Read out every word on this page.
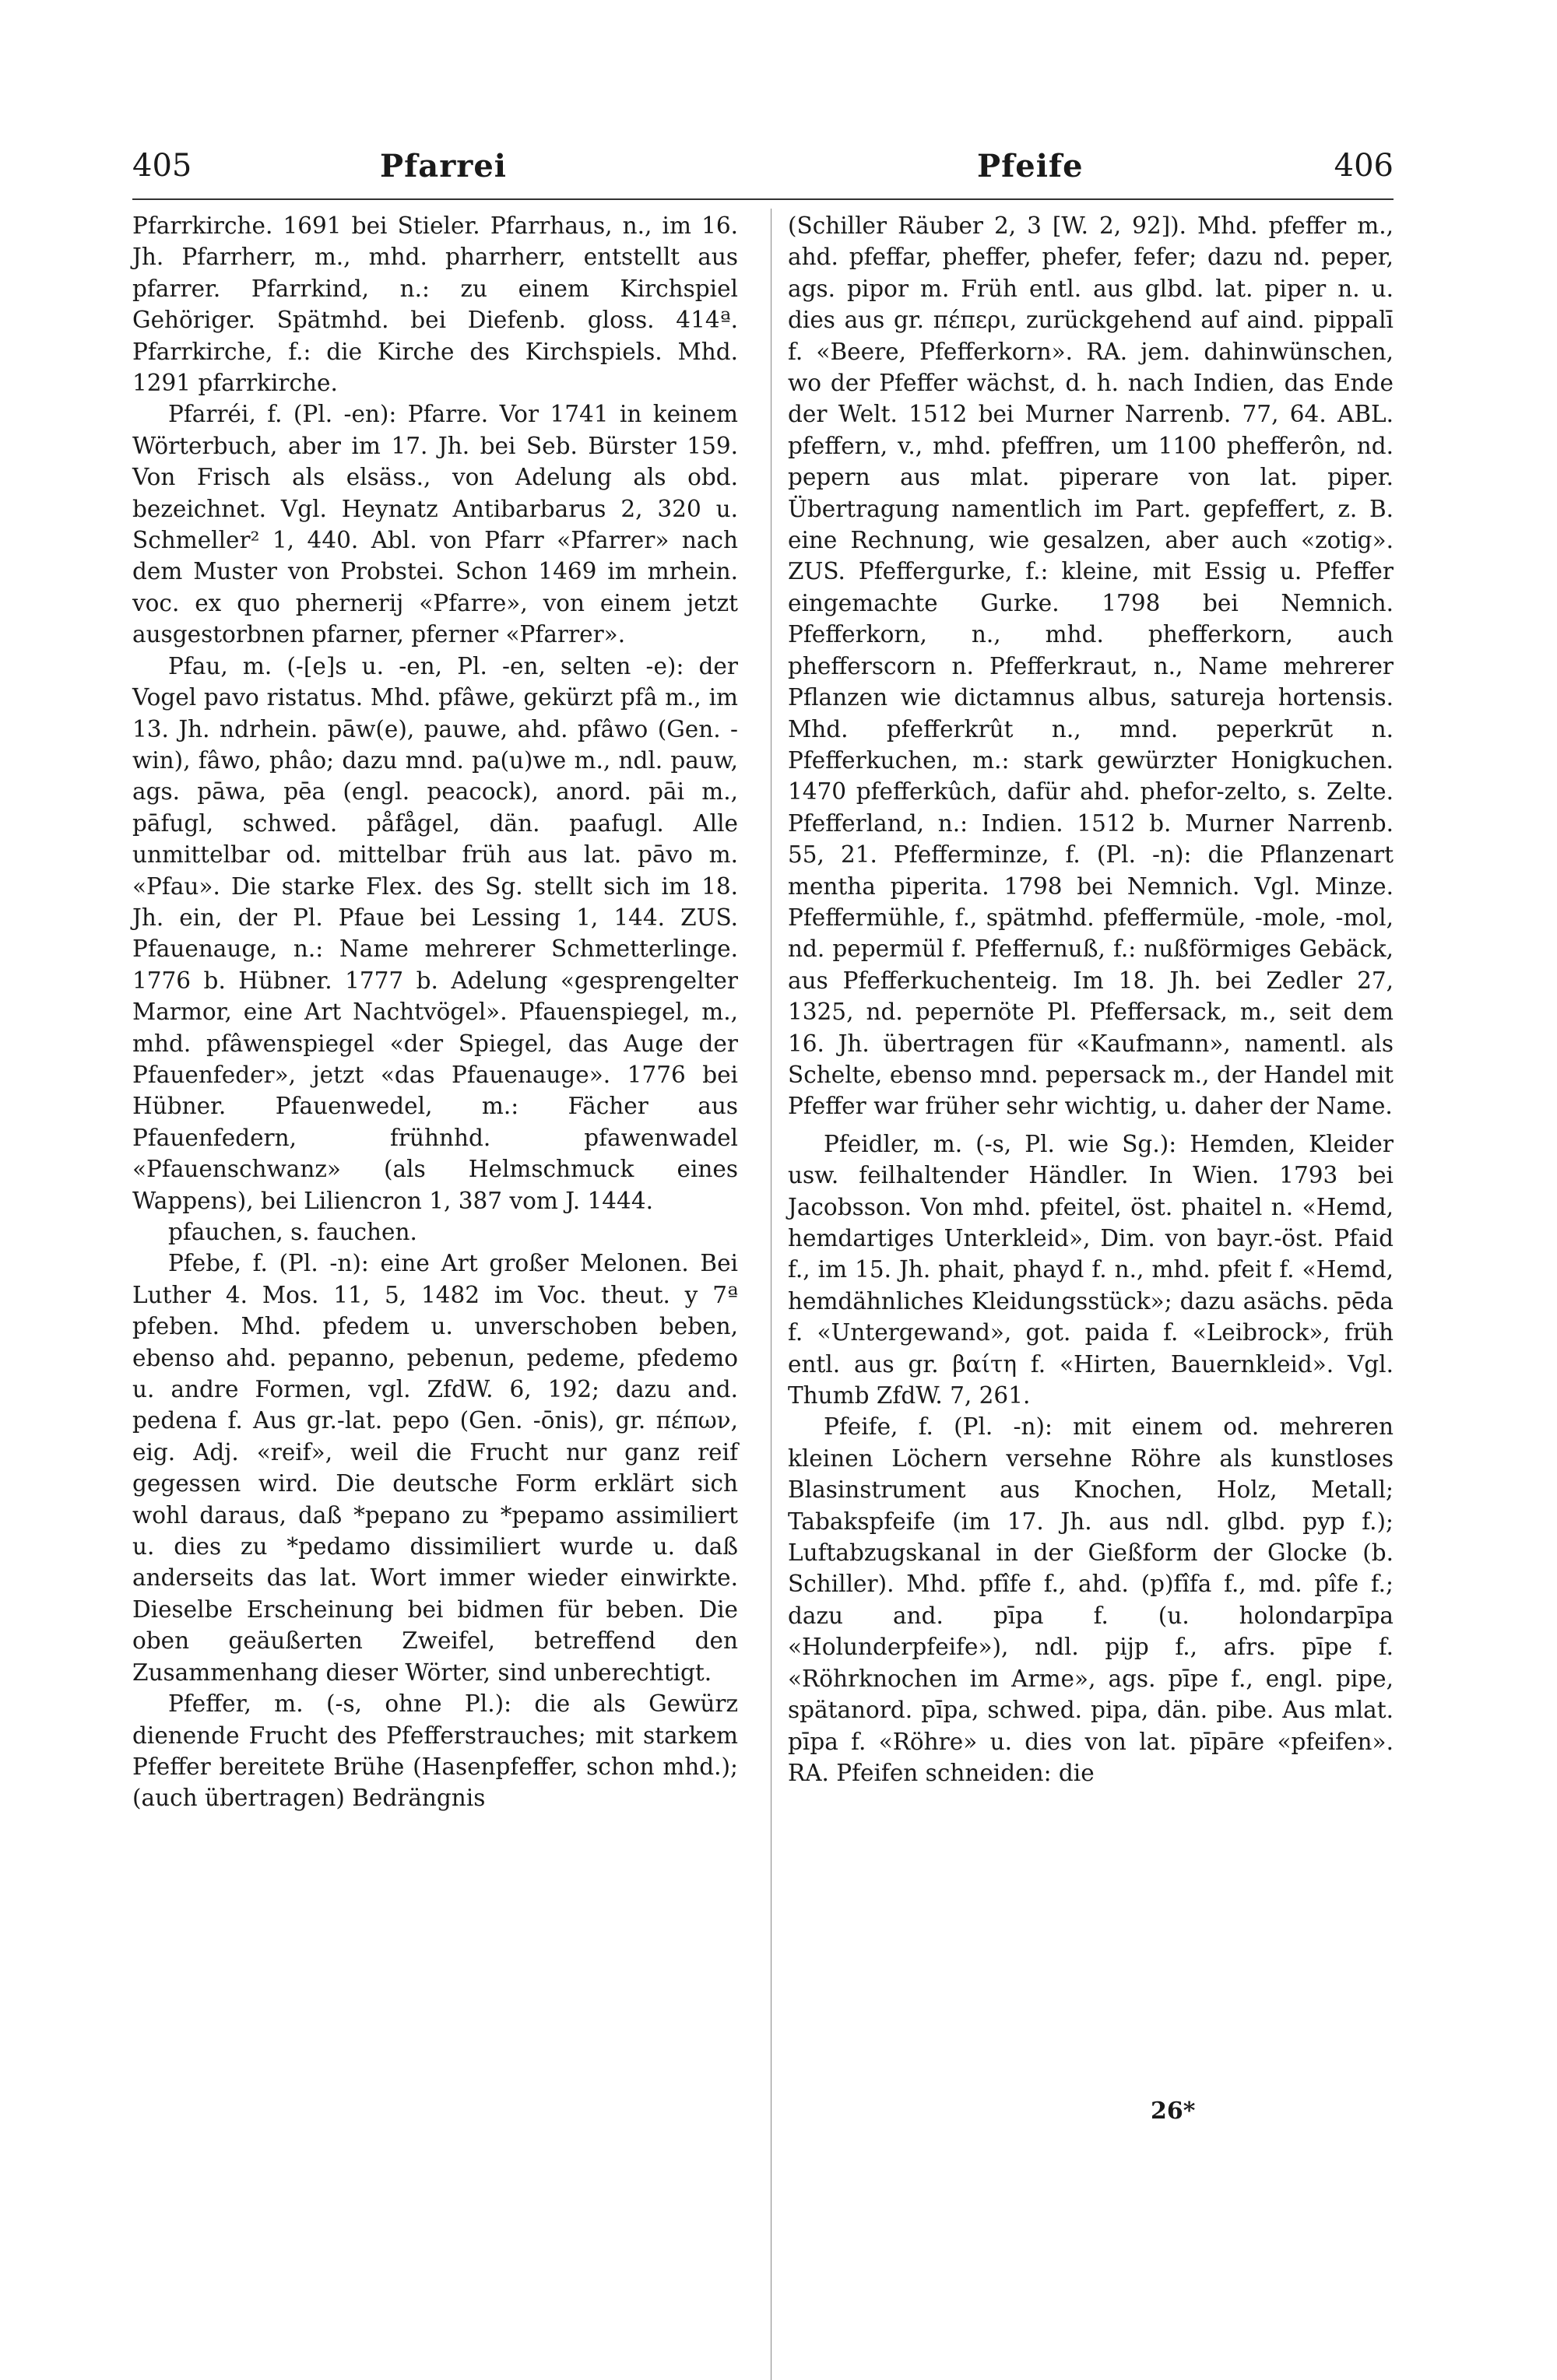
405	Pfarrei	Pfeife	406

Pfarrkirche. 1691 bei Stieler. Pfarrhaus, n., im 16. Jh. Pfarrherr, m., mhd. pharrherr, entstellt aus pfarrer. Pfarrkind, n.: zu einem Kirchspiel Gehöriger. Spätmhd. bei Diefenb. gloss. 414ª. Pfarrkirche, f.: die Kirche des Kirchspiels. Mhd. 1291 pfarrkirche.

Pfarréi, f. (Pl. -en): Pfarre. Vor 1741 in keinem Wörterbuch, aber im 17. Jh. bei Seb. Bürster 159. Von Frisch als elsäss., von Adelung als obd. bezeichnet. Vgl. Heynatz Antibarbarus 2, 320 u. Schmeller² 1, 440. Abl. von Pfarr «Pfarrer» nach dem Muster von Probstei. Schon 1469 im mrhein. voc. ex quo phernerij «Pfarre», von einem jetzt ausgestorbnen pfarner, pferner «Pfarrer».

Pfau, m. (-[e]s u. -en, Pl. -en, selten -e): der Vogel pavo ristatus. Mhd. pfâwe, gekürzt pfâ m., im 13. Jh. ndrhein. pāw(e), pauwe, ahd. pfâwo (Gen. -win), fâwo, phâo; dazu mnd. pa(u)we m., ndl. pauw, ags. pāwa, pēa (engl. peacock), anord. pāi m., pāfugl, schwed. påfågel, dän. paafugl. Alle unmittelbar od. mittelbar früh aus lat. pāvo m. «Pfau». Die starke Flex. des Sg. stellt sich im 18. Jh. ein, der Pl. Pfaue bei Lessing 1, 144. ZUS. Pfauenauge, n.: Name mehrerer Schmetterlinge. 1776 b. Hübner. 1777 b. Adelung «gesprengelter Marmor, eine Art Nachtvögel». Pfauenspiegel, m., mhd. pfâwenspiegel «der Spiegel, das Auge der Pfauenfeder», jetzt «das Pfauenauge». 1776 bei Hübner. Pfauenwedel, m.: Fächer aus Pfauenfedern, frühnhd. pfawenwadel «Pfauenschwanz» (als Helmschmuck eines Wappens), bei Liliencron 1, 387 vom J. 1444.

pfauchen, s. fauchen.

Pfebe, f. (Pl. -n): eine Art großer Melonen. Bei Luther 4. Mos. 11, 5, 1482 im Voc. theut. y 7ª pfeben. Mhd. pfedem u. unverschoben beben, ebenso ahd. pepanno, pebenun, pedeme, pfedemo u. andre Formen, vgl. ZfdW. 6, 192; dazu and. pedena f. Aus gr.-lat. pepo (Gen. -ōnis), gr. πέπων, eig. Adj. «reif», weil die Frucht nur ganz reif gegessen wird. Die deutsche Form erklärt sich wohl daraus, daß *pepano zu *pepamo assimiliert u. dies zu *pedamo dissimiliert wurde u. daß anderseits das lat. Wort immer wieder einwirkte. Dieselbe Erscheinung bei bidmen für beben. Die oben geäußerten Zweifel, betreffend den Zusammenhang dieser Wörter, sind unberechtigt.

Pfeffer, m. (-s, ohne Pl.): die als Gewürz dienende Frucht des Pfefferstrauches; mit starkem Pfeffer bereitete Brühe (Hasenpfeffer, schon mhd.); (auch übertragen) Bedrängnis

(Schiller Räuber 2, 3 [W. 2, 92]). Mhd. pfeffer m., ahd. pfeffar, pheffer, phefer, fefer; dazu nd. peper, ags. pipor m. Früh entl. aus glbd. lat. piper n. u. dies aus gr. πέπερι, zurückgehend auf aind. pippalī f. «Beere, Pfefferkorn». RA. jem. dahinwünschen, wo der Pfeffer wächst, d. h. nach Indien, das Ende der Welt. 1512 bei Murner Narrenb. 77, 64. ABL. pfeffern, v., mhd. pfeffren, um 1100 phefferôn, nd. pepern aus mlat. piperare von lat. piper. Übertragung namentlich im Part. gepfeffert, z. B. eine Rechnung, wie gesalzen, aber auch «zotig». ZUS. Pfeffergurke, f.: kleine, mit Essig u. Pfeffer eingemachte Gurke. 1798 bei Nemnich. Pfefferkorn, n., mhd. phefferkorn, auch phefferscorn n. Pfefferkraut, n., Name mehrerer Pflanzen wie dictamnus albus, satureja hortensis. Mhd. pfefferkrût n., mnd. peperkrūt n. Pfefferkuchen, m.: stark gewürzter Honigkuchen. 1470 pfefferkûch, dafür ahd. phefor-zelto, s. Zelte. Pfefferland, n.: Indien. 1512 b. Murner Narrenb. 55, 21. Pfefferminze, f. (Pl. -n): die Pflanzenart mentha piperita. 1798 bei Nemnich. Vgl. Minze. Pfeffermühle, f., spätmhd. pfeffermüle, -mole, -mol, nd. pepermül f. Pfeffernuß, f.: nußförmiges Gebäck, aus Pfefferkuchenteig. Im 18. Jh. bei Zedler 27, 1325, nd. pepernöte Pl. Pfeffersack, m., seit dem 16. Jh. übertragen für «Kaufmann», namentl. als Schelte, ebenso mnd. pepersack m., der Handel mit Pfeffer war früher sehr wichtig, u. daher der Name.

Pfeidler, m. (-s, Pl. wie Sg.): Hemden, Kleider usw. feilhaltender Händler. In Wien. 1793 bei Jacobsson. Von mhd. pfeitel, öst. phaitel n. «Hemd, hemdartiges Unterkleid», Dim. von bayr.-öst. Pfaid f., im 15. Jh. phait, phayd f. n., mhd. pfeit f. «Hemd, hemdähnliches Kleidungsstück»; dazu asächs. pēda f. «Untergewand», got. paida f. «Leibrock», früh entl. aus gr. βαίτη f. «Hirten, Bauernkleid». Vgl. Thumb ZfdW. 7, 261.

Pfeife, f. (Pl. -n): mit einem od. mehreren kleinen Löchern versehne Röhre als kunstloses Blasinstrument aus Knochen, Holz, Metall; Tabakspfeife (im 17. Jh. aus ndl. glbd. pyp f.); Luftabzugskanal in der Gießform der Glocke (b. Schiller). Mhd. pfîfe f., ahd. (p)fîfa f., md. pîfe f.; dazu and. pīpa f. (u. holondarpīpa «Holunderpfeife»), ndl. pijp f., afrs. pīpe f. «Röhrknochen im Arme», ags. pīpe f., engl. pipe, spätanord. pīpa, schwed. pipa, dän. pibe. Aus mlat. pīpa f. «Röhre» u. dies von lat. pīpāre «pfeifen». RA. Pfeifen schneiden: die

26*
